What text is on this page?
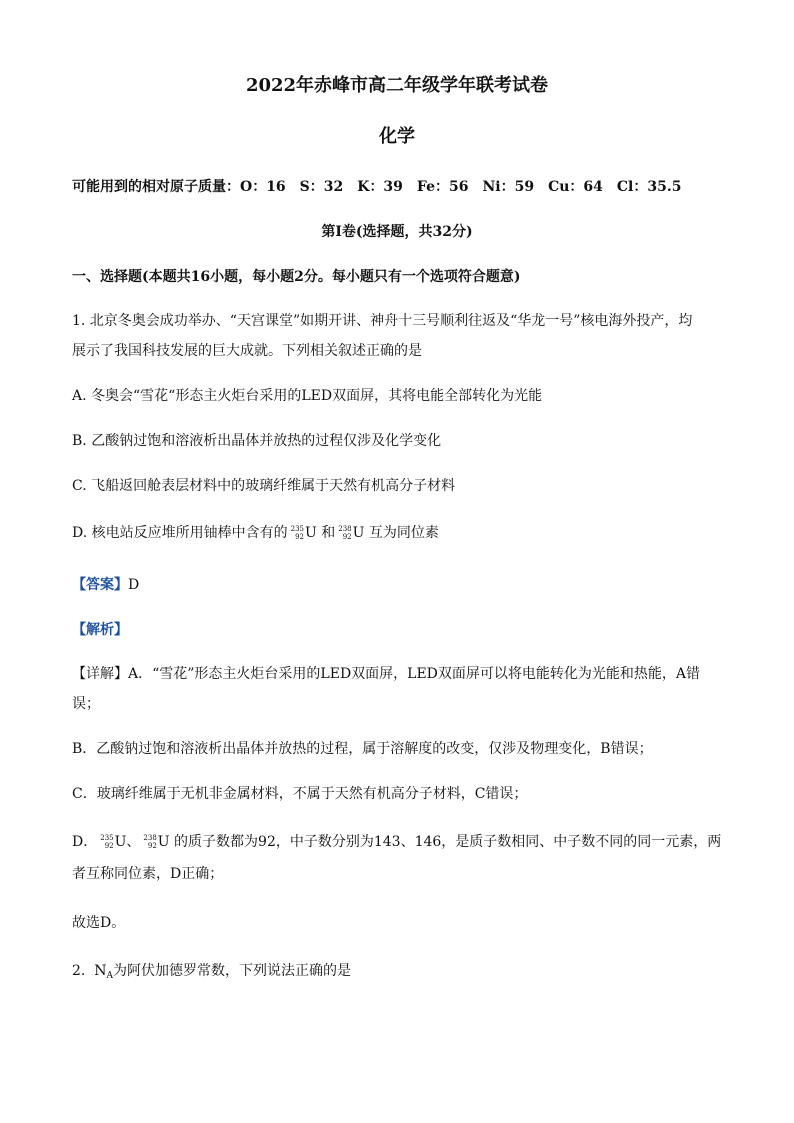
2022年赤峰市高二年级学年联考试卷
化学
可能用到的相对原子质量：O：16　S：32　K：39　Fe：56　Ni：59　Cu：64　Cl：35.5
第Ⅰ卷(选择题，共32分)
一、选择题(本题共16小题，每小题2分。每小题只有一个选项符合题意)
1. 北京冬奥会成功举办、“天宫课堂”如期开讲、神舟十三号顺利往返及“华龙一号”核电海外投产，均
展示了我国科技发展的巨大成就。下列相关叙述正确的是
A. 冬奥会“雪花“形态主火炬台采用的LED双面屏，其将电能全部转化为光能
B. 乙酸钠过饱和溶液析出晶体并放热的过程仅涉及化学变化
C. 飞船返回舱表层材料中的玻璃纤维属于天然有机高分子材料
D. 核电站反应堆所用铀棒中含有的 235
92 U 和 238
92 U 互为同位素
【答案】D
【解析】
【详解】A．“雪花”形态主火炬台采用的LED双面屏，LED双面屏可以将电能转化为光能和热能，A错
误；
B．乙酸钠过饱和溶液析出晶体并放热的过程，属于溶解度的改变，仅涉及物理变化，B错误；
C．玻璃纤维属于无机非金属材料，不属于天然有机高分子材料，C错误；
D． 235
92 U、 238
92 U 的质子数都为92，中子数分别为143、146，是质子数相同、中子数不同的同一元素，两
者互称同位素，D正确；
故选D。
2. $N_A$为阿伏加德罗常数，下列说法正确的是
